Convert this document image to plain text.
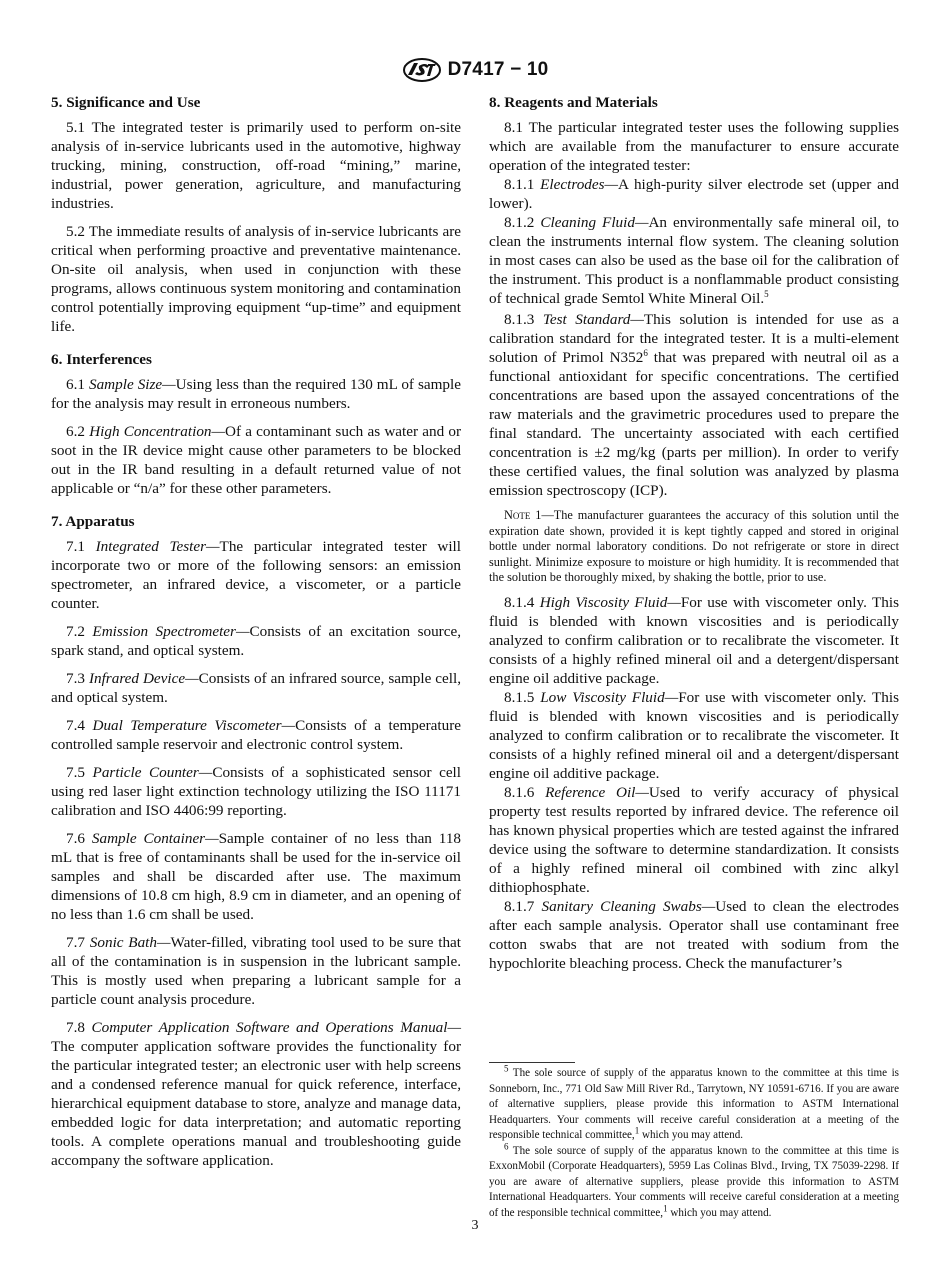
D7417 − 10
5. Significance and Use

5.1 The integrated tester is primarily used to perform on-site analysis of in-service lubricants used in the automotive, highway trucking, mining, construction, off-road “mining,” marine, industrial, power generation, agriculture, and manufacturing industries.

5.2 The immediate results of analysis of in-service lubricants are critical when performing proactive and preventative maintenance. On-site oil analysis, when used in conjunction with these programs, allows continuous system monitoring and contamination control potentially improving equipment “up-time” and equipment life.

6. Interferences

6.1 Sample Size—Using less than the required 130 mL of sample for the analysis may result in erroneous numbers.

6.2 High Concentration—Of a contaminant such as water and or soot in the IR device might cause other parameters to be blocked out in the IR band resulting in a default returned value of not applicable or “n/a” for these other parameters.

7. Apparatus

7.1 Integrated Tester—The particular integrated tester will incorporate two or more of the following sensors: an emission spectrometer, an infrared device, a viscometer, or a particle counter.

7.2 Emission Spectrometer—Consists of an excitation source, spark stand, and optical system.

7.3 Infrared Device—Consists of an infrared source, sample cell, and optical system.

7.4 Dual Temperature Viscometer—Consists of a temperature controlled sample reservoir and electronic control system.

7.5 Particle Counter—Consists of a sophisticated sensor cell using red laser light extinction technology utilizing the ISO 11171 calibration and ISO 4406:99 reporting.

7.6 Sample Container—Sample container of no less than 118 mL that is free of contaminants shall be used for the in-service oil samples and shall be discarded after use. The maximum dimensions of 10.8 cm high, 8.9 cm in diameter, and an opening of no less than 1.6 cm shall be used.

7.7 Sonic Bath—Water-filled, vibrating tool used to be sure that all of the contamination is in suspension in the lubricant sample. This is mostly used when preparing a lubricant sample for a particle count analysis procedure.

7.8 Computer Application Software and Operations Manual—The computer application software provides the functionality for the particular integrated tester; an electronic user with help screens and a condensed reference manual for quick reference, interface, hierarchical equipment database to store, analyze and manage data, embedded logic for data interpretation; and automatic reporting tools. A complete operations manual and troubleshooting guide accompany the software application.

8. Reagents and Materials

8.1 The particular integrated tester uses the following supplies which are available from the manufacturer to ensure accurate operation of the integrated tester:

8.1.1 Electrodes—A high-purity silver electrode set (upper and lower).

8.1.2 Cleaning Fluid—An environmentally safe mineral oil, to clean the instruments internal flow system. The cleaning solution in most cases can also be used as the base oil for the calibration of the instrument. This product is a nonflammable product consisting of technical grade Semtol White Mineral Oil.$^5$

8.1.3 Test Standard—This solution is intended for use as a calibration standard for the integrated tester. It is a multi-element solution of Primol $N352^6$ that was prepared with neutral oil as a functional antioxidant for specific concentrations. The certified concentrations are based upon the assayed concentrations of the raw materials and the gravimetric procedures used to prepare the final standard. The uncertainty associated with each certified concentration is ±2 mg/kg (parts per million). In order to verify these certified values, the final solution was analyzed by plasma emission spectroscopy (ICP).

Note 1—The manufacturer guarantees the accuracy of this solution until the expiration date shown, provided it is kept tightly capped and stored in original bottle under normal laboratory conditions. Do not refrigerate or store in direct sunlight. Minimize exposure to moisture or high humidity. It is recommended that the solution be thoroughly mixed, by shaking the bottle, prior to use.

8.1.4 High Viscosity Fluid—For use with viscometer only. This fluid is blended with known viscosities and is periodically analyzed to confirm calibration or to recalibrate the viscometer. It consists of a highly refined mineral oil and a detergent/dispersant engine oil additive package.

8.1.5 Low Viscosity Fluid—For use with viscometer only. This fluid is blended with known viscosities and is periodically analyzed to confirm calibration or to recalibrate the viscometer. It consists of a highly refined mineral oil and a detergent/dispersant engine oil additive package.

8.1.6 Reference Oil—Used to verify accuracy of physical property test results reported by infrared device. The reference oil has known physical properties which are tested against the infrared device using the software to determine standardization. It consists of a highly refined mineral oil combined with zinc alkyl dithiophosphate.

8.1.7 Sanitary Cleaning Swabs—Used to clean the electrodes after each sample analysis. Operator shall use contaminant free cotton swabs that are not treated with sodium from the hypochlorite bleaching process. Check the manufacturer’s

$^5$ The sole source of supply of the apparatus known to the committee at this time is Sonneborn, Inc., 771 Old Saw Mill River Rd., Tarrytown, NY 10591-6716. If you are aware of alternative suppliers, please provide this information to ASTM International Headquarters. Your comments will receive careful consideration at a meeting of the responsible technical committee,$^1$ which you may attend.

$^6$ The sole source of supply of the apparatus known to the committee at this time is ExxonMobil (Corporate Headquarters), 5959 Las Colinas Blvd., Irving, TX 75039-2298. If you are aware of alternative suppliers, please provide this information to ASTM International Headquarters. Your comments will receive careful consideration at a meeting of the responsible technical committee,$^1$ which you may attend.

3
